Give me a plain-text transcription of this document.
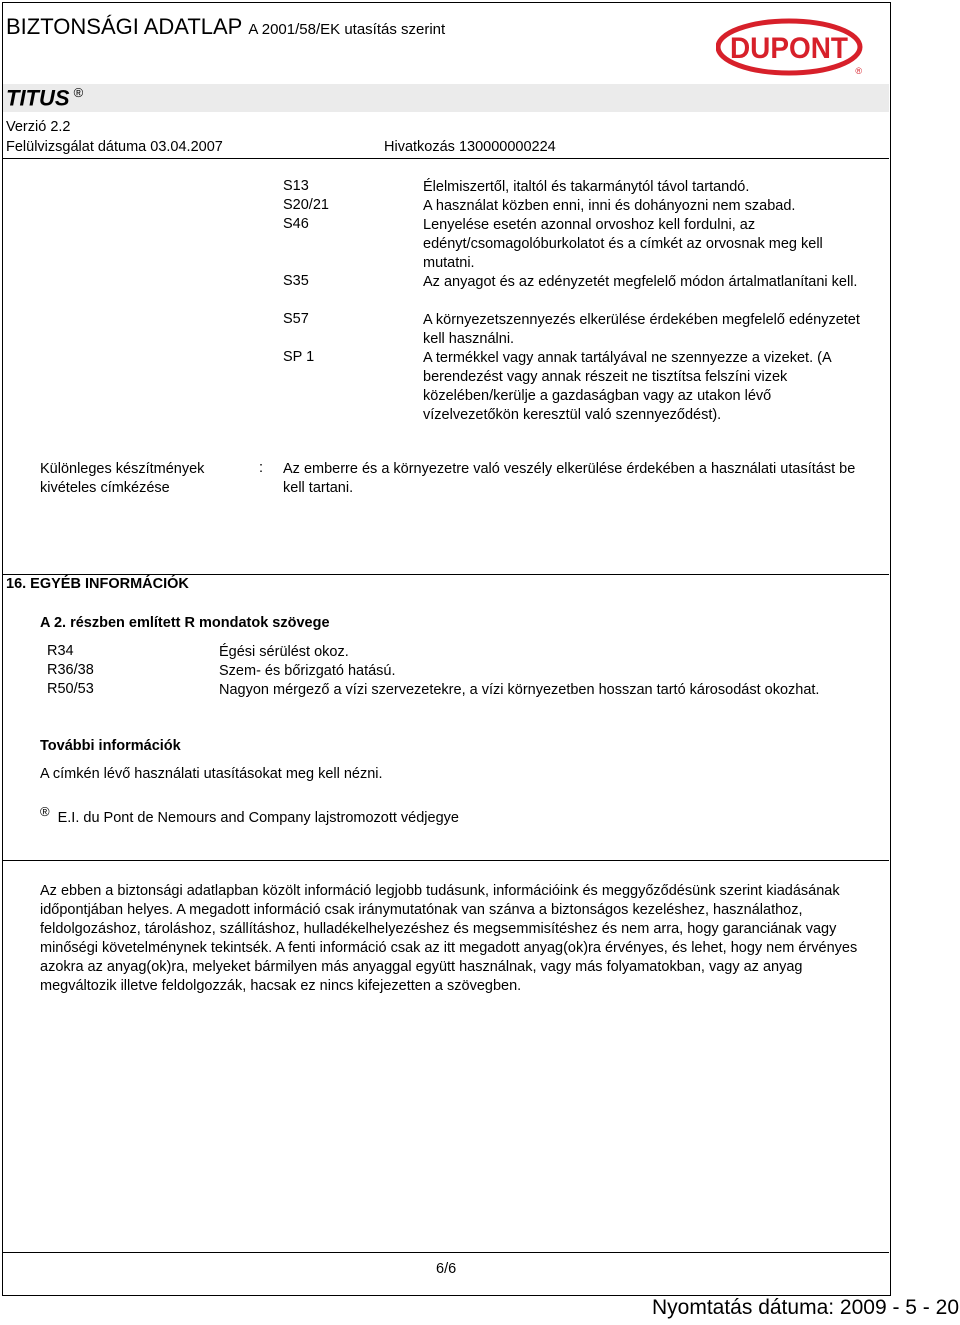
BIZTONSÁGI ADATLAP A 2001/58/EK utasítás szerint
DUPONT
®
TITUS ®
Verzió 2.2
Felülvizsgálat dátuma 03.04.2007	Hivatkozás 130000000224
S13	Élelmiszertől, italtól és takarmánytól távol tartandó.
S20/21	A használat közben enni, inni és dohányozni nem szabad.
S46	Lenyelése esetén azonnal orvoshoz kell fordulni, az edényt/csomagolóburkolatot és a címkét az orvosnak meg kell mutatni.
S35	Az anyagot és az edényzetét megfelelő módon ártalmatlanítani kell.
S57	A környezetszennyezés elkerülése érdekében megfelelő edényzetet kell használni.
SP 1	A termékkel vagy annak tartályával ne szennyezze a vizeket. (A berendezést vagy annak részeit ne tisztítsa felszíni vizek közelében/kerülje a gazdaságban vagy az utakon lévő vízelvezetőkön keresztül való szennyeződést).
Különleges készítmények kivételes címkézése
: Az emberre és a környezetre való veszély elkerülése érdekében a használati utasítást be kell tartani.
16. EGYÉB INFORMÁCIÓK
A 2. részben említett R mondatok szövege
R34	Égési sérülést okoz.
R36/38	Szem- és bőrizgató hatású.
R50/53	Nagyon mérgező a vízi szervezetekre, a vízi környezetben hosszan tartó károsodást okozhat.
További információk
A címkén lévő használati utasításokat meg kell nézni.
® E.I. du Pont de Nemours and Company lajstromozott védjegye
Az ebben a biztonsági adatlapban közölt információ legjobb tudásunk, információink és meggyőződésünk szerint kiadásának időpontjában helyes. A megadott információ csak iránymutatónak van szánva a biztonságos kezeléshez, használathoz, feldolgozáshoz, tároláshoz, szállításhoz, hulladékelhelyezéshez és megsemmisítéshez és nem arra, hogy garanciának vagy minőségi követelménynek tekintsék. A fenti információ csak az itt megadott anyag(ok)ra érvényes, és lehet, hogy nem érvényes azokra az anyag(ok)ra, melyeket bármilyen más anyaggal együtt használnak, vagy más folyamatokban, vagy az anyag megváltozik illetve feldolgozzák, hacsak ez nincs kifejezetten a szövegben.
6/6
Nyomtatás dátuma: 2009 - 5 - 20
